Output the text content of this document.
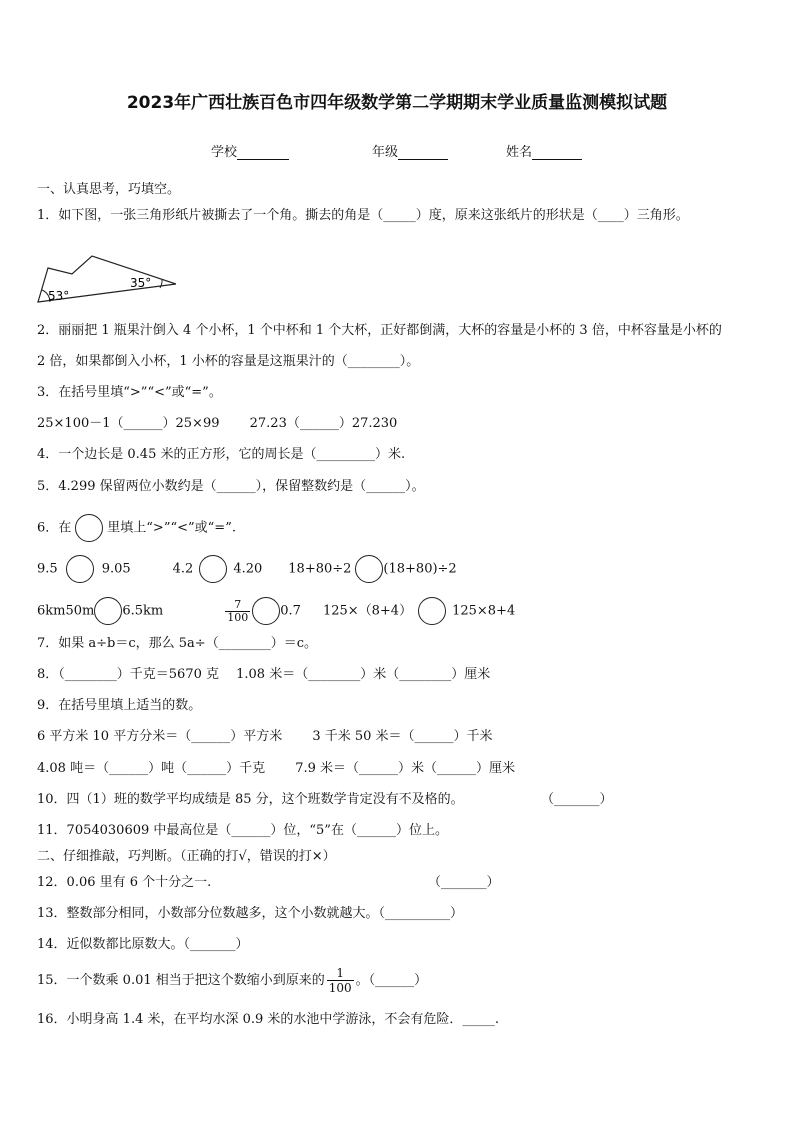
2023年广西壮族百色市四年级数学第二学期期末学业质量监测模拟试题
学校	年级	姓名
一、认真思考，巧填空。
1．如下图，一张三角形纸片被撕去了一个角。撕去的角是（_____）度，原来这张纸片的形状是（____）三角形。
53°
35°
2．丽丽把 1 瓶果汁倒入 4 个小杯，1 个中杯和 1 个大杯，正好都倒满，大杯的容量是小杯的 3 倍，中杯容量是小杯的
2 倍，如果都倒入小杯，1 小杯的容量是这瓶果汁的（________）。
3．在括号里填“>”“<”或“=”。
25×100－1（______）25×99　　 27.23（______）27.230
4．一个边长是 0.45 米的正方形，它的周长是（_________）米.
5．4.299 保留两位小数约是（______），保留整数约是（______）。
6．在	里填上“>”“<”或“=”.
9.5	9.05	4.2	4.20 18+80÷2 (18+80)÷2
6km50m 6.5km	$\frac{7}{100} 0.7$ 125×（8+4）	125×8+4
7．如果 a÷b＝c，那么 5a÷（________）＝c。
8．（________）千克＝5670 克　 1.08 米＝（________）米（________）厘米
9．在括号里填上适当的数。
6 平方米 10 平方分米＝（______）平方米　　 3 千米 50 米＝（______）千米
4.08 吨＝（______）吨（______）千克　　 7.9 米＝（______）米（______）厘米
10．四（1）班的数学平均成绩是 85 分，这个班数学肯定没有不及格的。	（_______）
11．7054030609 中最高位是（______）位，“5”在（______）位上。
二、仔细推敲，巧判断。（正确的打√，错误的打×）
12．0.06 里有 6 个十分之一.	（_______）
13．整数部分相同，小数部分位数越多，这个小数就越大。（__________）
14．近似数都比原数大。（_______）
15．一个数乘 0.01 相当于把这个数缩小到原来的 $\frac{1}{100}$ 。（______）
16．小明身高 1.4 米，在平均水深 0.9 米的水池中学游泳，不会有危险．_____.
